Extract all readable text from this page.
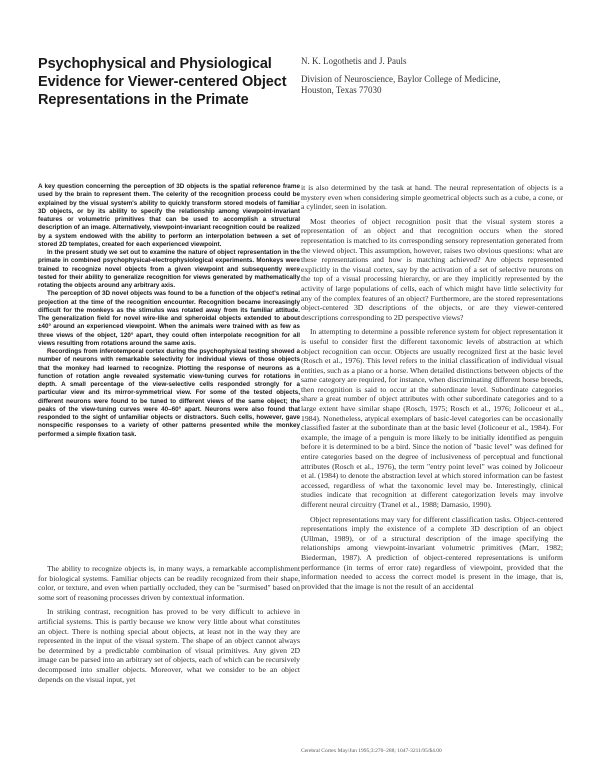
Psychophysical and Physiological
Evidence for Viewer-centered Object
Representations in the Primate
N. K. Logothetis and J. Pauls
Division of Neuroscience, Baylor College of Medicine,
Houston, Texas 77030

A key question concerning the perception of 3D objects is the spatial reference frame used by the brain to represent them. The celerity of the recognition process could be explained by the visual system's ability to quickly transform stored models of familiar 3D objects, or by its ability to specify the relationship among viewpoint-invariant features or volumetric primitives that can be used to accomplish a structural description of an image. Alternatively, viewpoint-invariant recognition could be realized by a system endowed with the ability to perform an interpolation between a set of stored 2D templates, created for each experienced viewpoint.

In the present study we set out to examine the nature of object representation in the primate in combined psychophysical-electrophysiological experiments. Monkeys were trained to recognize novel objects from a given viewpoint and subsequently were tested for their ability to generalize recognition for views generated by mathematically rotating the objects around any arbitrary axis.

The perception of 3D novel objects was found to be a function of the object's retinal projection at the time of the recognition encounter. Recognition became increasingly difficult for the monkeys as the stimulus was rotated away from its familiar attitude. The generalization field for novel wire-like and spheroidal objects extended to about ±40° around an experienced viewpoint. When the animals were trained with as few as three views of the object, 120° apart, they could often interpolate recognition for all views resulting from rotations around the same axis.

Recordings from inferotemporal cortex during the psychophysical testing showed a number of neurons with remarkable selectivity for individual views of those objects that the monkey had learned to recognize. Plotting the response of neurons as a function of rotation angle revealed systematic view-tuning curves for rotations in depth. A small percentage of the view-selective cells responded strongly for a particular view and its mirror-symmetrical view. For some of the tested objects, different neurons were found to be tuned to different views of the same object; the peaks of the view-tuning curves were 40–60° apart. Neurons were also found that responded to the sight of unfamiliar objects or distractors. Such cells, however, gave nonspecific responses to a variety of other patterns presented while the monkey performed a simple fixation task.

The ability to recognize objects is, in many ways, a remarkable accomplishment for biological systems. Familiar objects can be readily recognized from their shape, color, or texture, and even when partially occluded, they can be "surmised" based on some sort of reasoning processes driven by contextual information.

In striking contrast, recognition has proved to be very difficult to achieve in artificial systems. This is partly because we know very little about what constitutes an object. There is nothing special about objects, at least not in the way they are represented in the input of the visual system. The shape of an object cannot always be determined by a predictable combination of visual primitives. Any given 2D image can be parsed into an arbitrary set of objects, each of which can be recursively decomposed into smaller objects. Moreover, what we consider to be an object depends on the visual input, yet

it is also determined by the task at hand. The neural representation of objects is a mystery even when considering simple geometrical objects such as a cube, a cone, or a cylinder, seen in isolation.

Most theories of object recognition posit that the visual system stores a representation of an object and that recognition occurs when the stored representation is matched to its corresponding sensory representation generated from the viewed object. This assumption, however, raises two obvious questions: what are these representations and how is matching achieved? Are objects represented explicitly in the visual cortex, say by the activation of a set of selective neurons on the top of a visual processing hierarchy, or are they implicitly represented by the activity of large populations of cells, each of which might have little selectivity for any of the complex features of an object? Furthermore, are the stored representations object-centered 3D descriptions of the objects, or are they viewer-centered descriptions corresponding to 2D perspective views?

In attempting to determine a possible reference system for object representation it is useful to consider first the different taxonomic levels of abstraction at which object recognition can occur. Objects are usually recognized first at the basic level (Rosch et al., 1976). This level refers to the initial classification of individual visual entities, such as a piano or a horse. When detailed distinctions between objects of the same category are required, for instance, when discriminating different horse breeds, then recognition is said to occur at the subordinate level. Subordinate categories share a great number of object attributes with other subordinate categories and to a large extent have similar shape (Rosch, 1975; Rosch et al., 1976; Jolicoeur et al., 1984). Nonetheless, atypical exemplars of basic-level categories can be occasionally classified faster at the subordinate than at the basic level (Jolicoeur et al., 1984). For example, the image of a penguin is more likely to be initially identified as penguin before it is determined to be a bird. Since the notion of "basic level" was defined for entire categories based on the degree of inclusiveness of perceptual and functional attributes (Rosch et al., 1976), the term "entry point level" was coined by Jolicoeur et al. (1984) to denote the abstraction level at which stored information can be fastest accessed, regardless of what the taxonomic level may be. Interestingly, clinical studies indicate that recognition at different categorization levels may involve different neural circuitry (Tranel et al., 1988; Damasio, 1990).

Object representations may vary for different classification tasks. Object-centered representations imply the existence of a complete 3D description of an object (Ullman, 1989), or of a structural description of the image specifying the relationships among viewpoint-invariant volumetric primitives (Marr, 1982; Biederman, 1987). A prediction of object-centered representations is uniform performance (in terms of error rate) regardless of viewpoint, provided that the information needed to access the correct model is present in the image, that is, provided that the image is not the result of an accidental

Cerebral Cortex May/Jun 1995;3:270–288; 1047-3211/95/$4.00
